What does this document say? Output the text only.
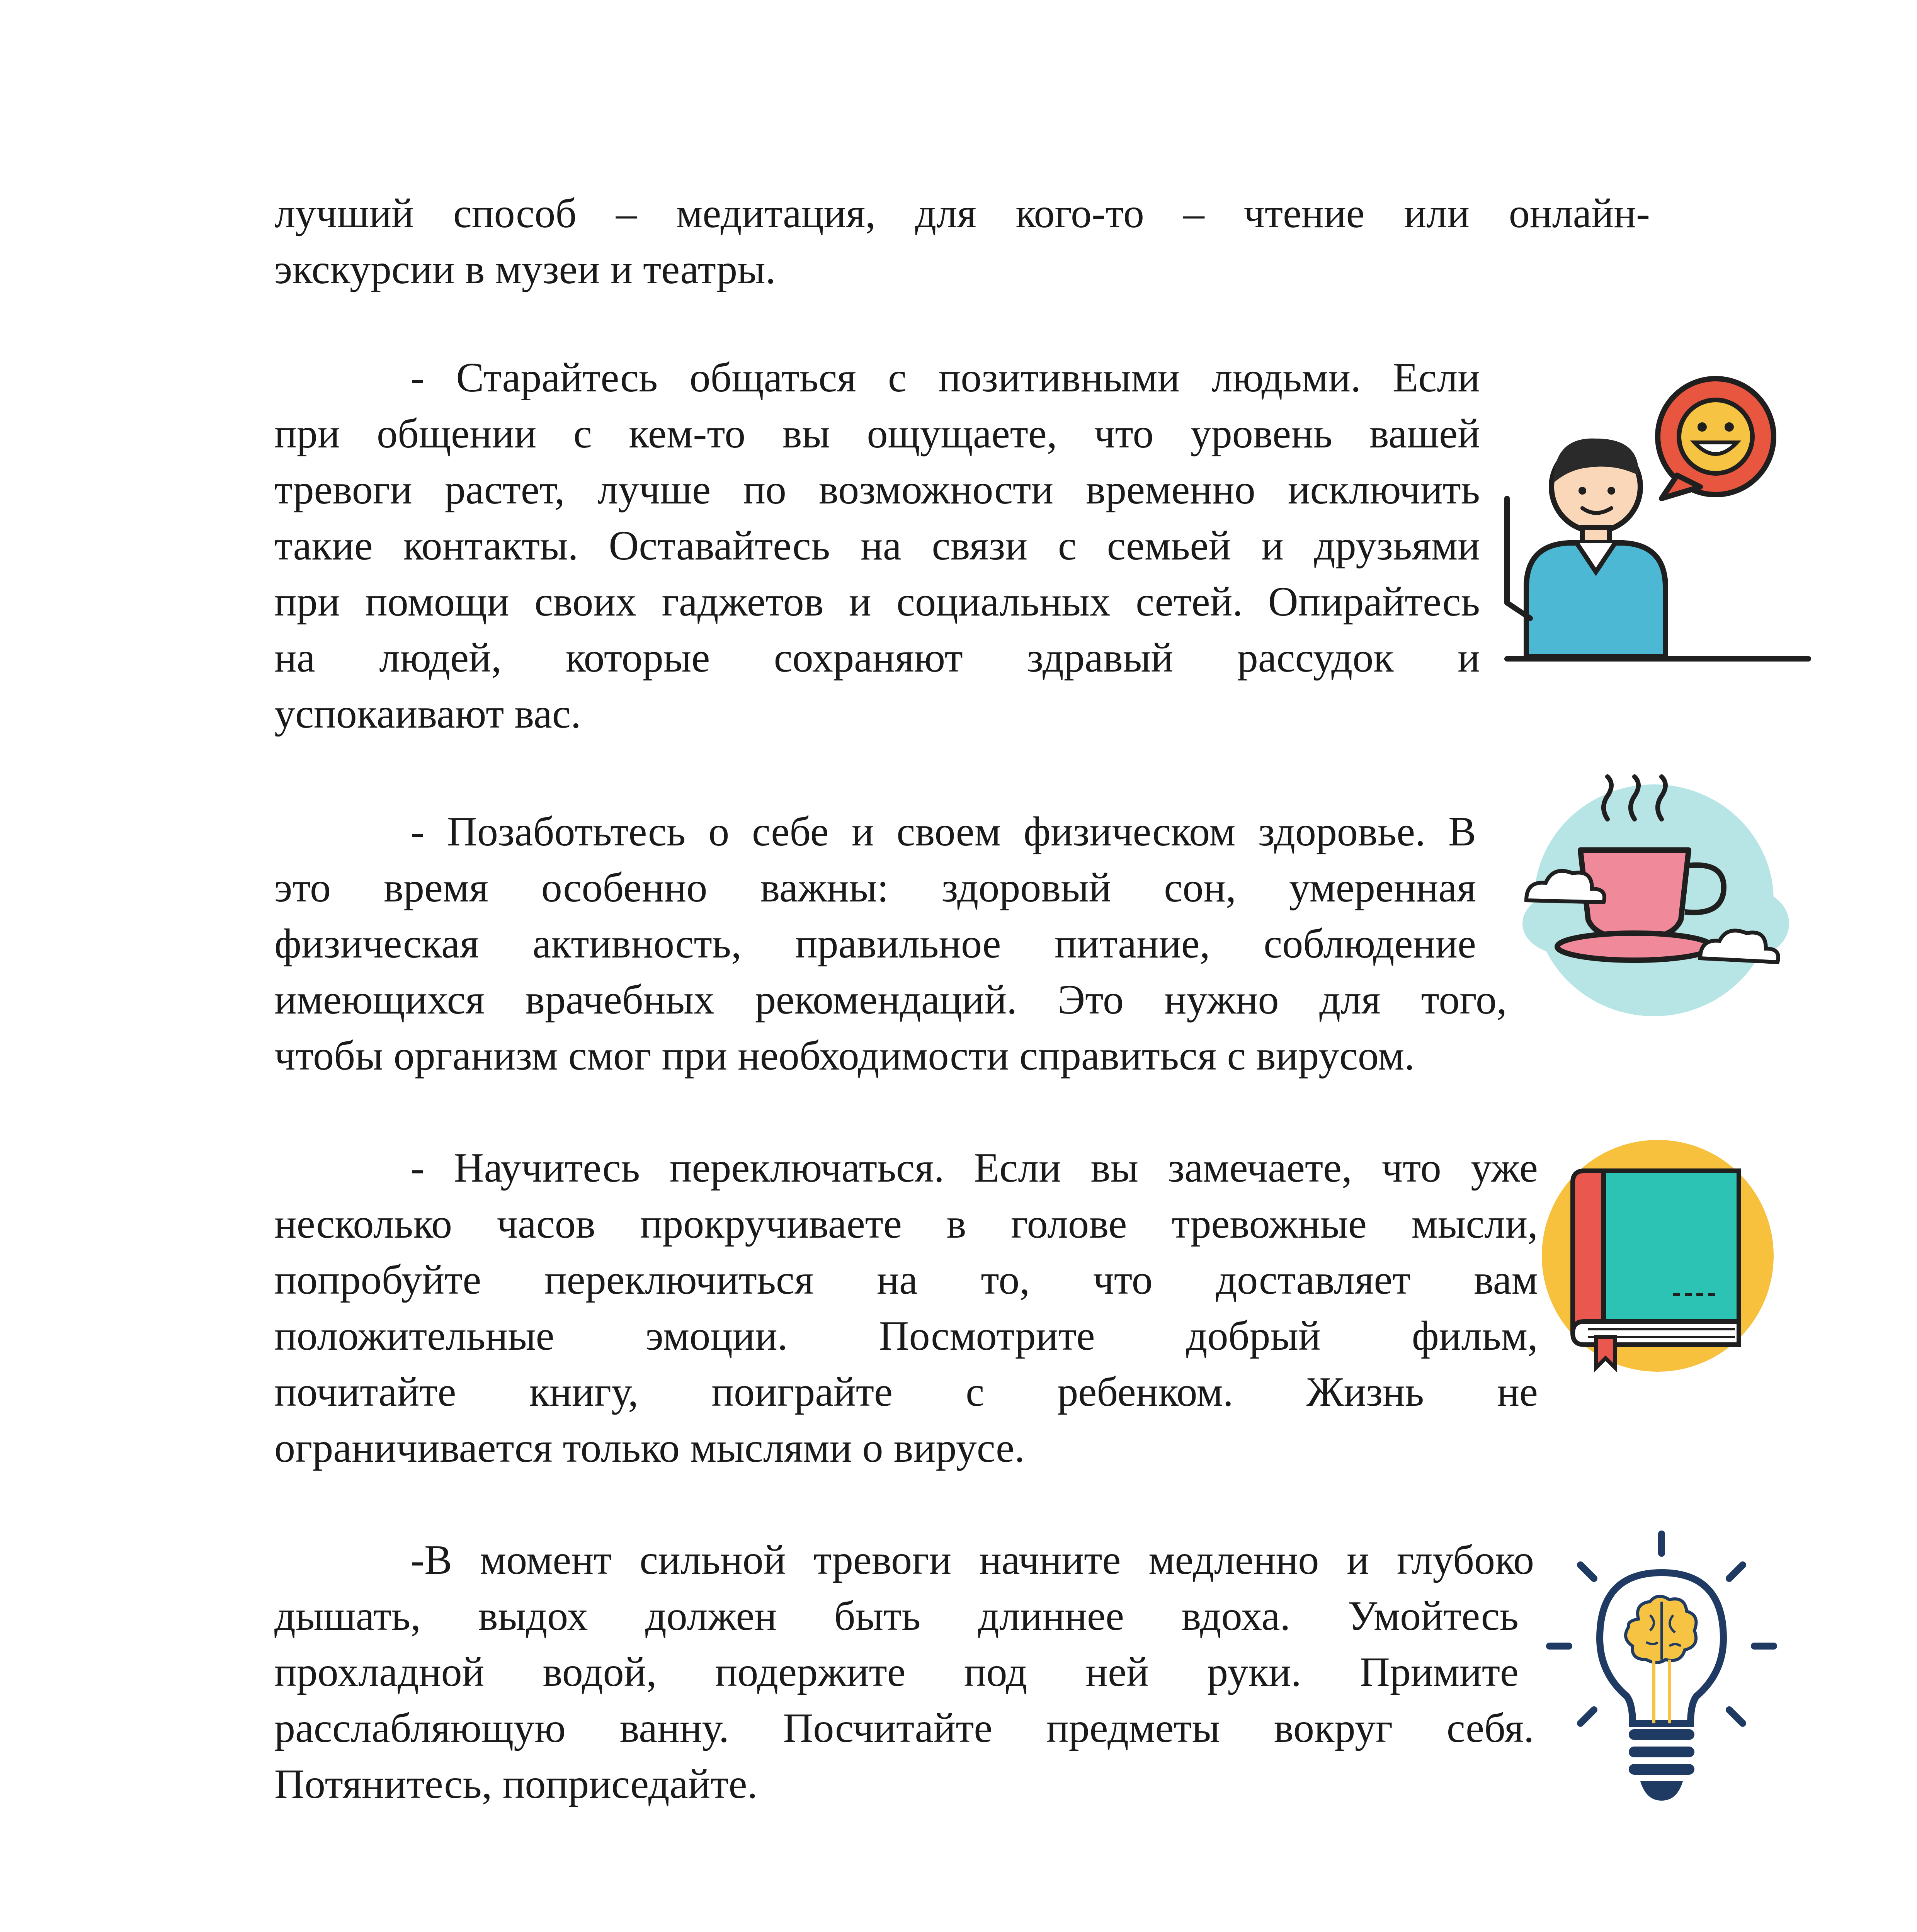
лучший способ – медитация, для кого-то – чтение или онлайн-
экскурсии в музеи и театры.
- Старайтесь общаться с позитивными людьми. Если
при общении с кем-то вы ощущаете, что уровень вашей
тревоги растет, лучше по возможности временно исключить
такие контакты. Оставайтесь на связи с семьей и друзьями
при помощи своих гаджетов и социальных сетей. Опирайтесь
на людей, которые сохраняют здравый рассудок и
успокаивают вас.
- Позаботьтесь о себе и своем физическом здоровье. В
это время особенно важны: здоровый сон, умеренная
физическая активность, правильное питание, соблюдение
имеющихся врачебных рекомендаций. Это нужно для того,
чтобы организм смог при необходимости справиться с вирусом.
- Научитесь переключаться. Если вы замечаете, что уже
несколько часов прокручиваете в голове тревожные мысли,
попробуйте переключиться на то, что доставляет вам
положительные эмоции. Посмотрите добрый фильм,
почитайте книгу, поиграйте с ребенком. Жизнь не
ограничивается только мыслями о вирусе.
-В момент сильной тревоги начните медленно и глубоко
дышать, выдох должен быть длиннее вдоха. Умойтесь
прохладной водой, подержите под ней руки. Примите
расслабляющую ванну. Посчитайте предметы вокруг себя.
Потянитесь, поприседайте.
